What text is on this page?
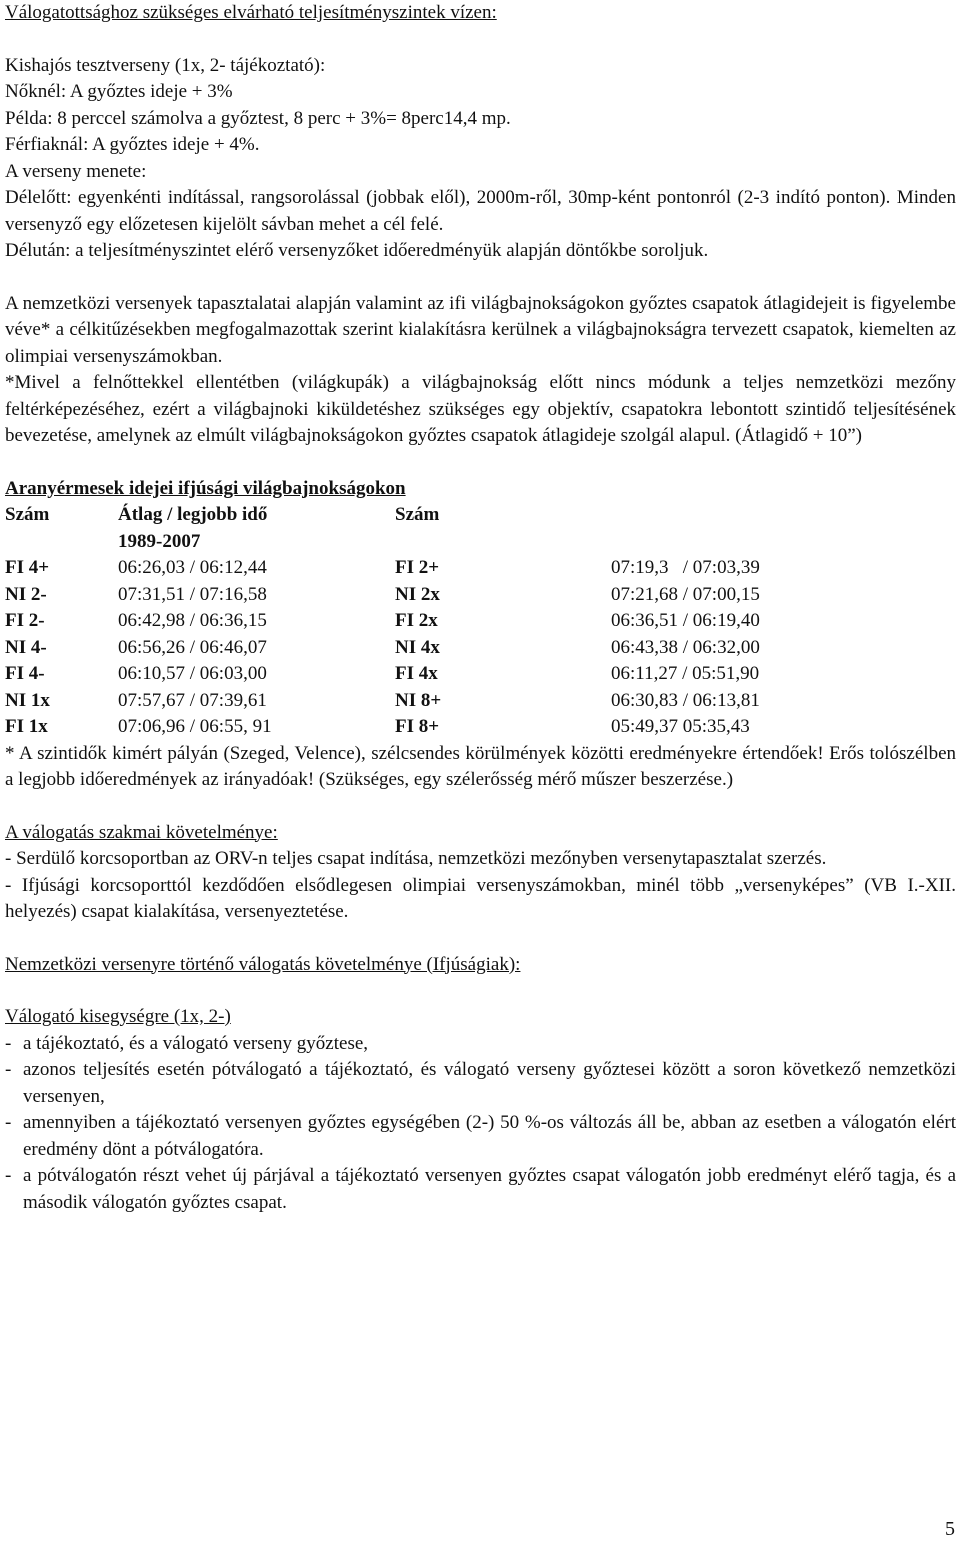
Válogatottsághoz szükséges elvárható teljesítményszintek vízen:

Kishajós tesztverseny (1x, 2- tájékoztató):

Nőknél: A győztes ideje + 3%

Példa: 8 perccel számolva a győztest, 8 perc + 3%= 8perc14,4 mp.

Férfiaknál: A győztes ideje + 4%.

A verseny menete:

Délelőtt: egyenkénti indítással, rangsorolással (jobbak elől), 2000m-ről, 30mp-ként pontonról (2-3 indító ponton). Minden versenyző egy előzetesen kijelölt sávban mehet a cél felé.

Délután: a teljesítményszintet elérő versenyzőket időeredményük alapján döntőkbe soroljuk.

A nemzetközi versenyek tapasztalatai alapján valamint az ifi világbajnokságokon győztes csapatok átlagidejeit is figyelembe véve* a célkitűzésekben megfogalmazottak szerint kialakításra kerülnek a világbajnokságra tervezett csapatok, kiemelten az olimpiai versenyszámokban.

*Mivel a felnőttekkel ellentétben (világkupák) a világbajnokság előtt nincs módunk a teljes nemzetközi mezőny feltérképezéséhez, ezért a világbajnoki kiküldetéshez szükséges egy objektív, csapatokra lebontott szintidő teljesítésének bevezetése, amelynek az elmúlt világbajnokságokon győztes csapatok átlagideje szolgál alapul. (Átlagidő + 10”)

Aranyérmesek idejei ifjúsági világbajnokságokon

Szám	Átlag / legjobb idő	Szám
1989-2007
FI 4+	06:26,03 / 06:12,44	FI 2+	07:19,3   / 07:03,39
NI 2-	07:31,51 / 07:16,58	NI 2x	07:21,68 / 07:00,15
FI 2-	06:42,98 / 06:36,15	FI 2x	06:36,51 / 06:19,40
NI 4-	06:56,26 / 06:46,07	NI 4x	06:43,38 / 06:32,00
FI 4-	06:10,57 / 06:03,00	FI 4x	06:11,27 / 05:51,90
NI 1x	07:57,67 / 07:39,61	NI 8+	06:30,83 / 06:13,81
FI 1x	07:06,96 / 06:55, 91	FI 8+	05:49,37 05:35,43

* A szintidők kimért pályán (Szeged, Velence), szélcsendes körülmények közötti eredményekre értendőek! Erős tolószélben a legjobb időeredmények az irányadóak! (Szükséges, egy szélerősség mérő műszer beszerzése.)

A válogatás szakmai követelménye:

- Serdülő korcsoportban az ORV-n teljes csapat indítása, nemzetközi mezőnyben versenytapasztalat szerzés.
- Ifjúsági korcsoporttól kezdődően elsődlegesen olimpiai versenyszámokban, minél több „versenyképes” (VB I.-XII. helyezés) csapat kialakítása, versenyeztetése.

Nemzetközi versenyre történő válogatás követelménye (Ifjúságiak):

Válogató kisegységre (1x, 2-)

- a tájékoztató, és a válogató verseny győztese,
- azonos teljesítés esetén pótválogató a tájékoztató, és válogató verseny győztesei között a soron következő nemzetközi versenyen,
- amennyiben a tájékoztató versenyen győztes egységében (2-) 50 %-os változás áll be, abban az esetben a válogatón elért eredmény dönt a pótválogatóra.
- a pótválogatón részt vehet új párjával a tájékoztató versenyen győztes csapat válogatón jobb eredményt elérő tagja, és a második válogatón győztes csapat.
5
